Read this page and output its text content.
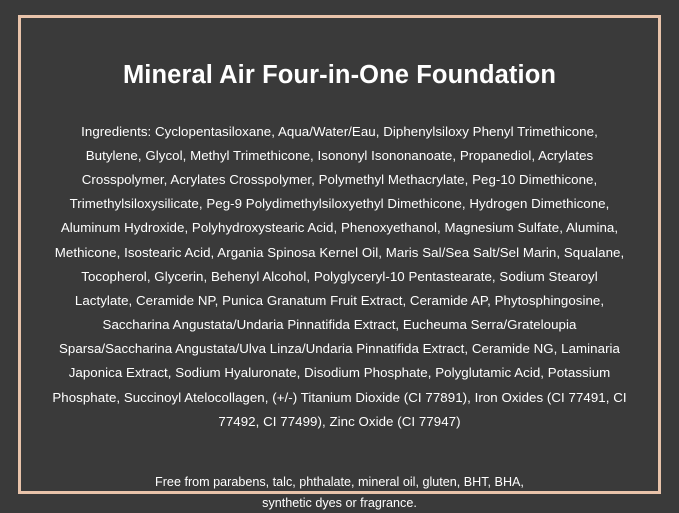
Mineral Air Four-in-One Foundation

Ingredients: Cyclopentasiloxane, Aqua/Water/Eau, Diphenylsiloxy Phenyl Trimethicone, Butylene, Glycol, Methyl Trimethicone, Isononyl Isononanoate, Propanediol, Acrylates Crosspolymer, Acrylates Crosspolymer, Polymethyl Methacrylate, Peg-10 Dimethicone, Trimethylsiloxysilicate, Peg-9 Polydimethylsiloxyethyl Dimethicone, Hydrogen Dimethicone, Aluminum Hydroxide, Polyhydroxystearic Acid, Phenoxyethanol, Magnesium Sulfate, Alumina, Methicone, Isostearic Acid, Argania Spinosa Kernel Oil, Maris Sal/Sea Salt/Sel Marin, Squalane, Tocopherol, Glycerin, Behenyl Alcohol, Polyglyceryl-10 Pentastearate, Sodium Stearoyl Lactylate, Ceramide NP, Punica Granatum Fruit Extract, Ceramide AP, Phytosphingosine, Saccharina Angustata/Undaria Pinnatifida Extract, Eucheuma Serra/Grateloupia Sparsa/Saccharina Angustata/Ulva Linza/Undaria Pinnatifida Extract, Ceramide NG, Laminaria Japonica Extract, Sodium Hyaluronate, Disodium Phosphate, Polyglutamic Acid, Potassium Phosphate, Succinoyl Atelocollagen, (+/-) Titanium Dioxide (CI 77891), Iron Oxides (CI 77491, CI 77492, CI 77499), Zinc Oxide (CI 77947)

Free from parabens, talc, phthalate, mineral oil, gluten, BHT, BHA,
synthetic dyes or fragrance.
